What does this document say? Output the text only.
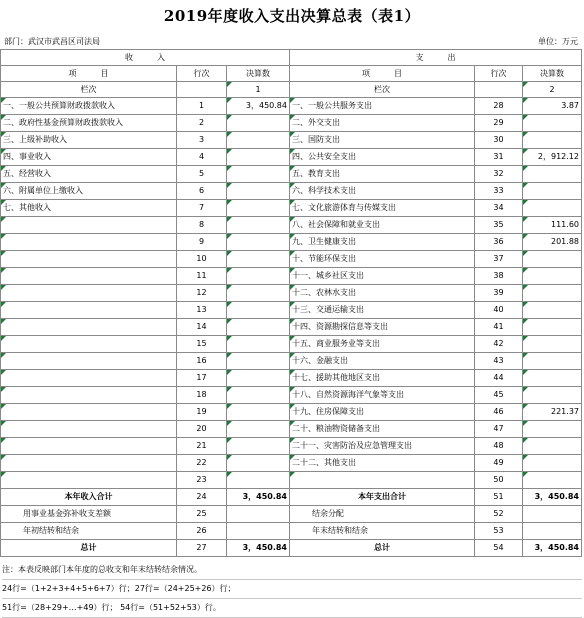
2019年度收入支出决算总表（表1）
部门：武汉市武昌区司法局	单位：万元
收　　　入			支　　　出		
项　　　目	行次	决算数	项　　　目	行次	决算数
栏次		1	栏次		2
一、一般公共预算财政拨款收入	1	3，450.84	一、一般公共服务支出	28	3.87
二、政府性基金预算财政拨款收入	2		二、外交支出	29	
三、上级补助收入	3		三、国防支出	30	
四、事业收入	4		四、公共安全支出	31	2，912.12
五、经营收入	5		五、教育支出	32	
六、附属单位上缴收入	6		六、科学技术支出	33	
七、其他收入	7		七、文化旅游体育与传媒支出	34	
	8		八、社会保障和就业支出	35	111.60
	9		九、卫生健康支出	36	201.88
	10		十、节能环保支出	37	
	11		十一、城乡社区支出	38	
	12		十二、农林水支出	39	
	13		十三、交通运输支出	40	
	14		十四、资源勘探信息等支出	41	
	15		十五、商业服务业等支出	42	
	16		十六、金融支出	43	
	17		十七、援助其他地区支出	44	
	18		十八、自然资源海洋气象等支出	45	
	19		十九、住房保障支出	46	221.37
	20		二十、粮油物资储备支出	47	
	21		二十一、灾害防治及应急管理支出	48	
	22		二十二、其他支出	49	
	23			50	
本年收入合计	24	3，450.84	本年支出合计	51	3，450.84
用事业基金弥补收支差额	25		结余分配	52	
年初结转和结余	26		年末结转和结余	53	
总计	27	3，450.84	总计	54	3，450.84
注：本表反映部门本年度的总收支和年末结转结余情况。
24行=（1+2+3+4+5+6+7）行；27行=（24+25+26）行；
51行=（28+29+…+49）行； 54行=（51+52+53）行。
